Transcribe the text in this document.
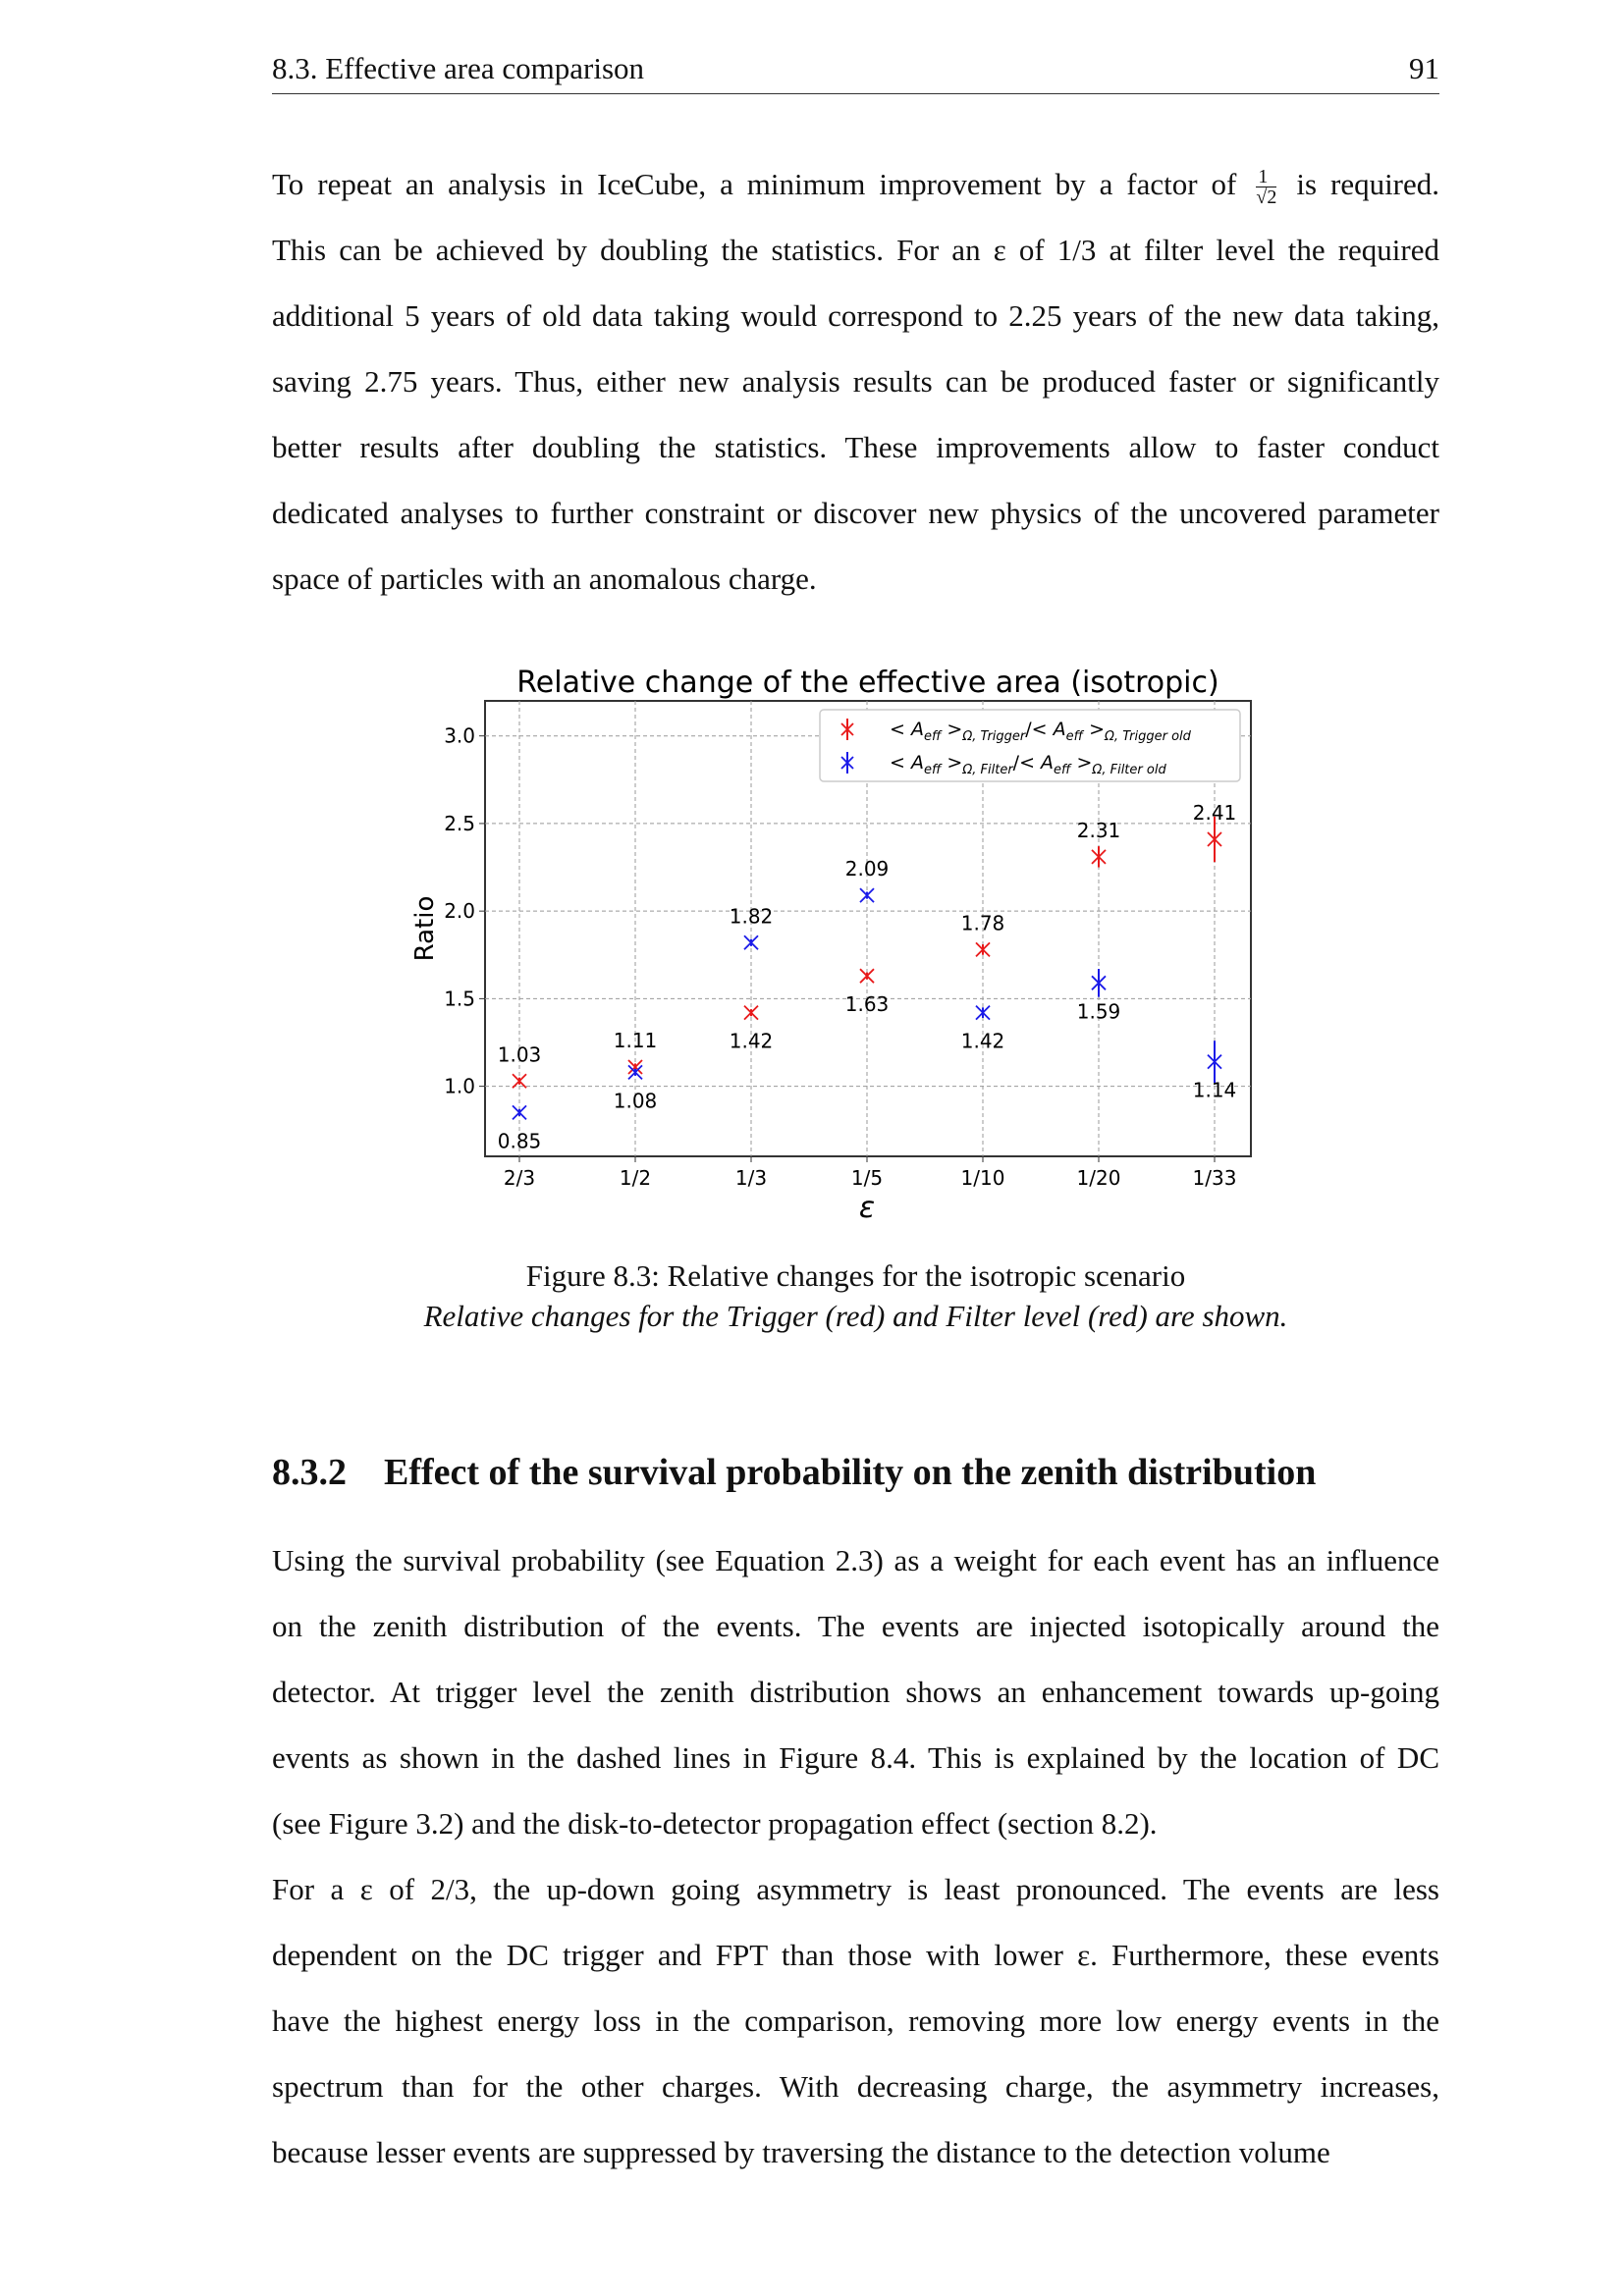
8.3. Effective area comparison	91
To repeat an analysis in IceCube, a minimum improvement by a factor of $\frac{1}{√2}$ is required.
This can be achieved by doubling the statistics. For an ε of 1/3 at filter level the required
additional 5 years of old data taking would correspond to 2.25 years of the new data taking,
saving 2.75 years. Thus, either new analysis results can be produced faster or significantly
better results after doubling the statistics. These improvements allow to faster conduct
dedicated analyses to further constraint or discover new physics of the uncovered parameter
space of particles with an anomalous charge.
1.0
1.5
2.0
2.5
3.0
2/3	1/2	1/3	1/5	1/10	1/20	1/33
Relative change of the effective area (isotropic)
ε
Ratio
1.03
1.11	1.42
1.63
1.78
2.31
2.41
0.85
1.08
1.82
2.09
1.42
1.59
1.14
< $A_{eff} >_{\Omega, Trigger}/< A_{eff} >_{\Omega, Trigger old}$
< $A_{eff} >_{\Omega, Filter}/< A_{eff} >_{\Omega, Filter old}$
Figure 8.3: Relative changes for the isotropic scenario
Relative changes for the Trigger (red) and Filter level (red) are shown.
8.3.2 Effect of the survival probability on the zenith distribution
Using the survival probability (see Equation 2.3) as a weight for each event has an influence
on the zenith distribution of the events. The events are injected isotopically around the
detector. At trigger level the zenith distribution shows an enhancement towards up-going
events as shown in the dashed lines in Figure 8.4. This is explained by the location of DC
(see Figure 3.2) and the disk-to-detector propagation effect (section 8.2).
For a ε of 2/3, the up-down going asymmetry is least pronounced. The events are less
dependent on the DC trigger and FPT than those with lower ε. Furthermore, these events
have the highest energy loss in the comparison, removing more low energy events in the
spectrum than for the other charges. With decreasing charge, the asymmetry increases,
because lesser events are suppressed by traversing the distance to the detection volume
